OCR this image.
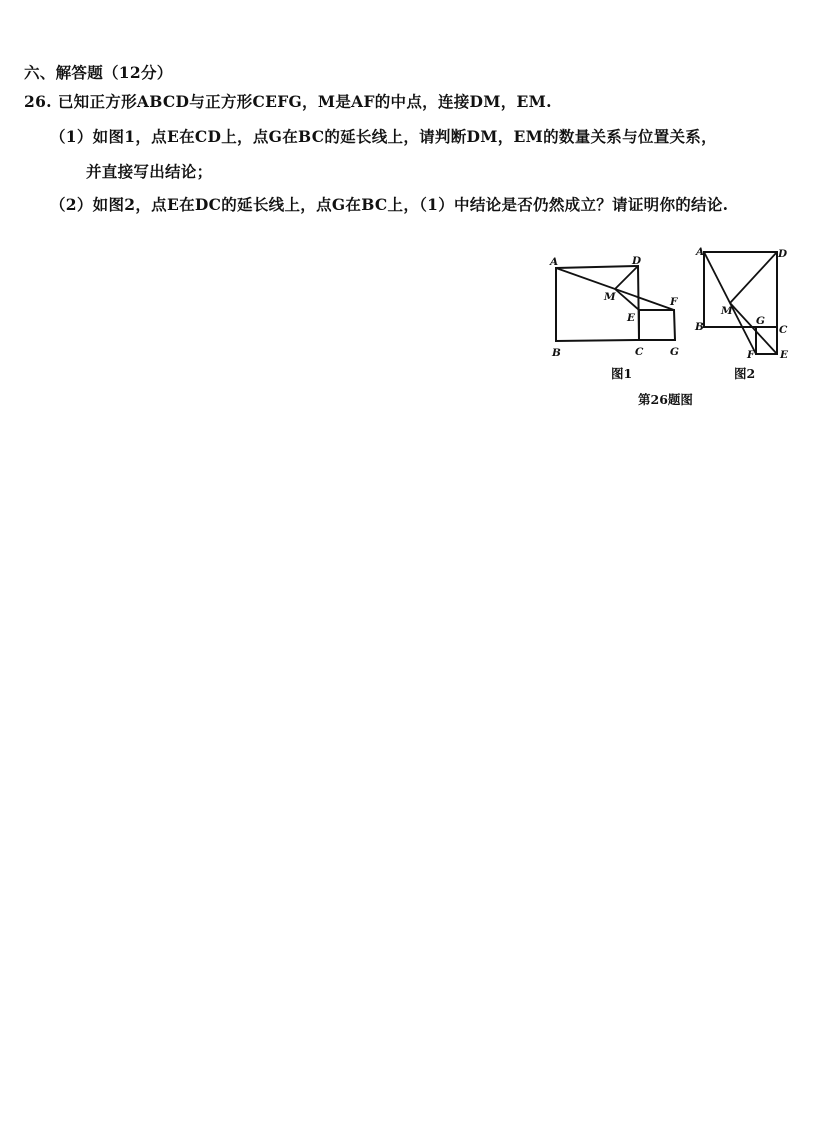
六、解答题（12分）
26. 已知正方形ABCD与正方形CEFG，M是AF的中点，连接DM，EM.
（1）如图1，点E在CD上，点G在BC的延长线上，请判断DM，EM的数量关系与位置关系，
并直接写出结论；
（2）如图2，点E在DC的延长线上，点G在BC上，（1）中结论是否仍然成立？请证明你的结论.
A	D
M	F
E
B	C	G
A	D
M
G
B	C
F E
图1	图2
第26题图
